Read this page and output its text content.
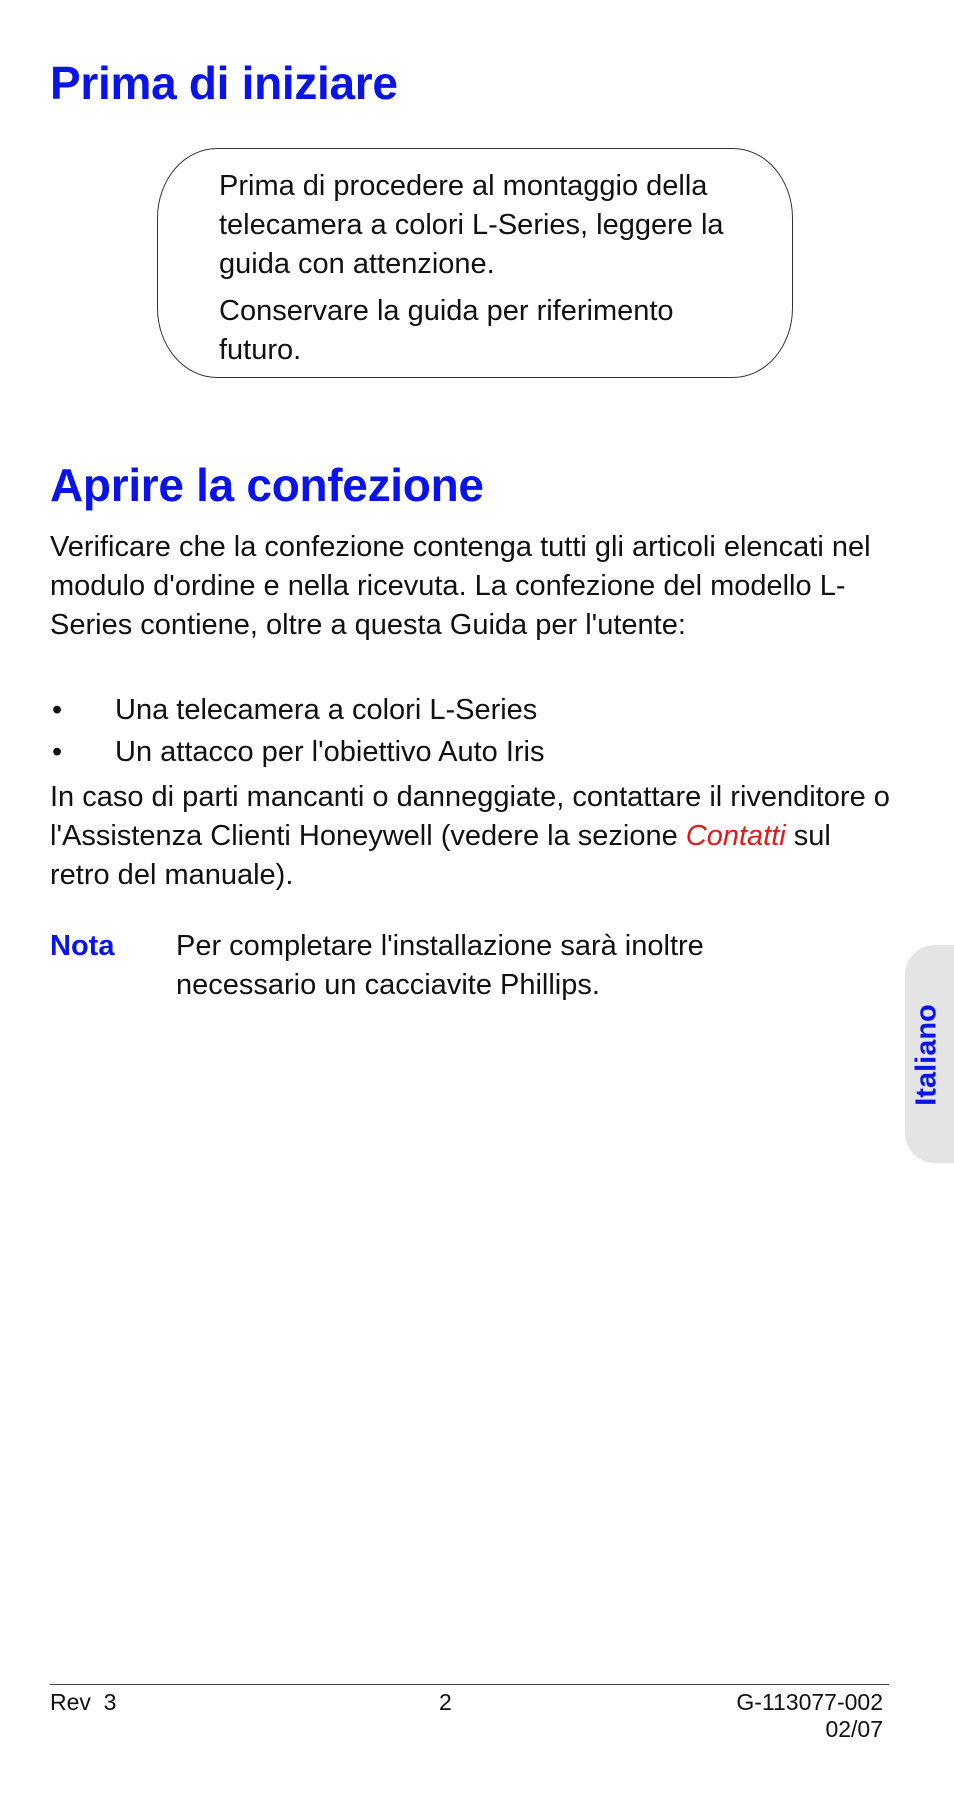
Prima di iniziare

Prima di procedere al montaggio della telecamera a colori L-Series, leggere la guida con attenzione.

Conservare la guida per riferimento futuro.

Aprire la confezione

Verificare che la confezione contenga tutti gli articoli elencati nel modulo d'ordine e nella ricevuta. La confezione del modello L-Series contiene, oltre a questa Guida per l'utente:

• Una telecamera a colori L-Series
• Un attacco per l'obiettivo Auto Iris

In caso di parti mancanti o danneggiate, contattare il rivenditore o l'Assistenza Clienti Honeywell (vedere la sezione Contatti sul retro del manuale).

Nota Per completare l'installazione sarà inoltre necessario un cacciavite Phillips.
Italiano
Rev  3	2	G-113077-002
02/07
